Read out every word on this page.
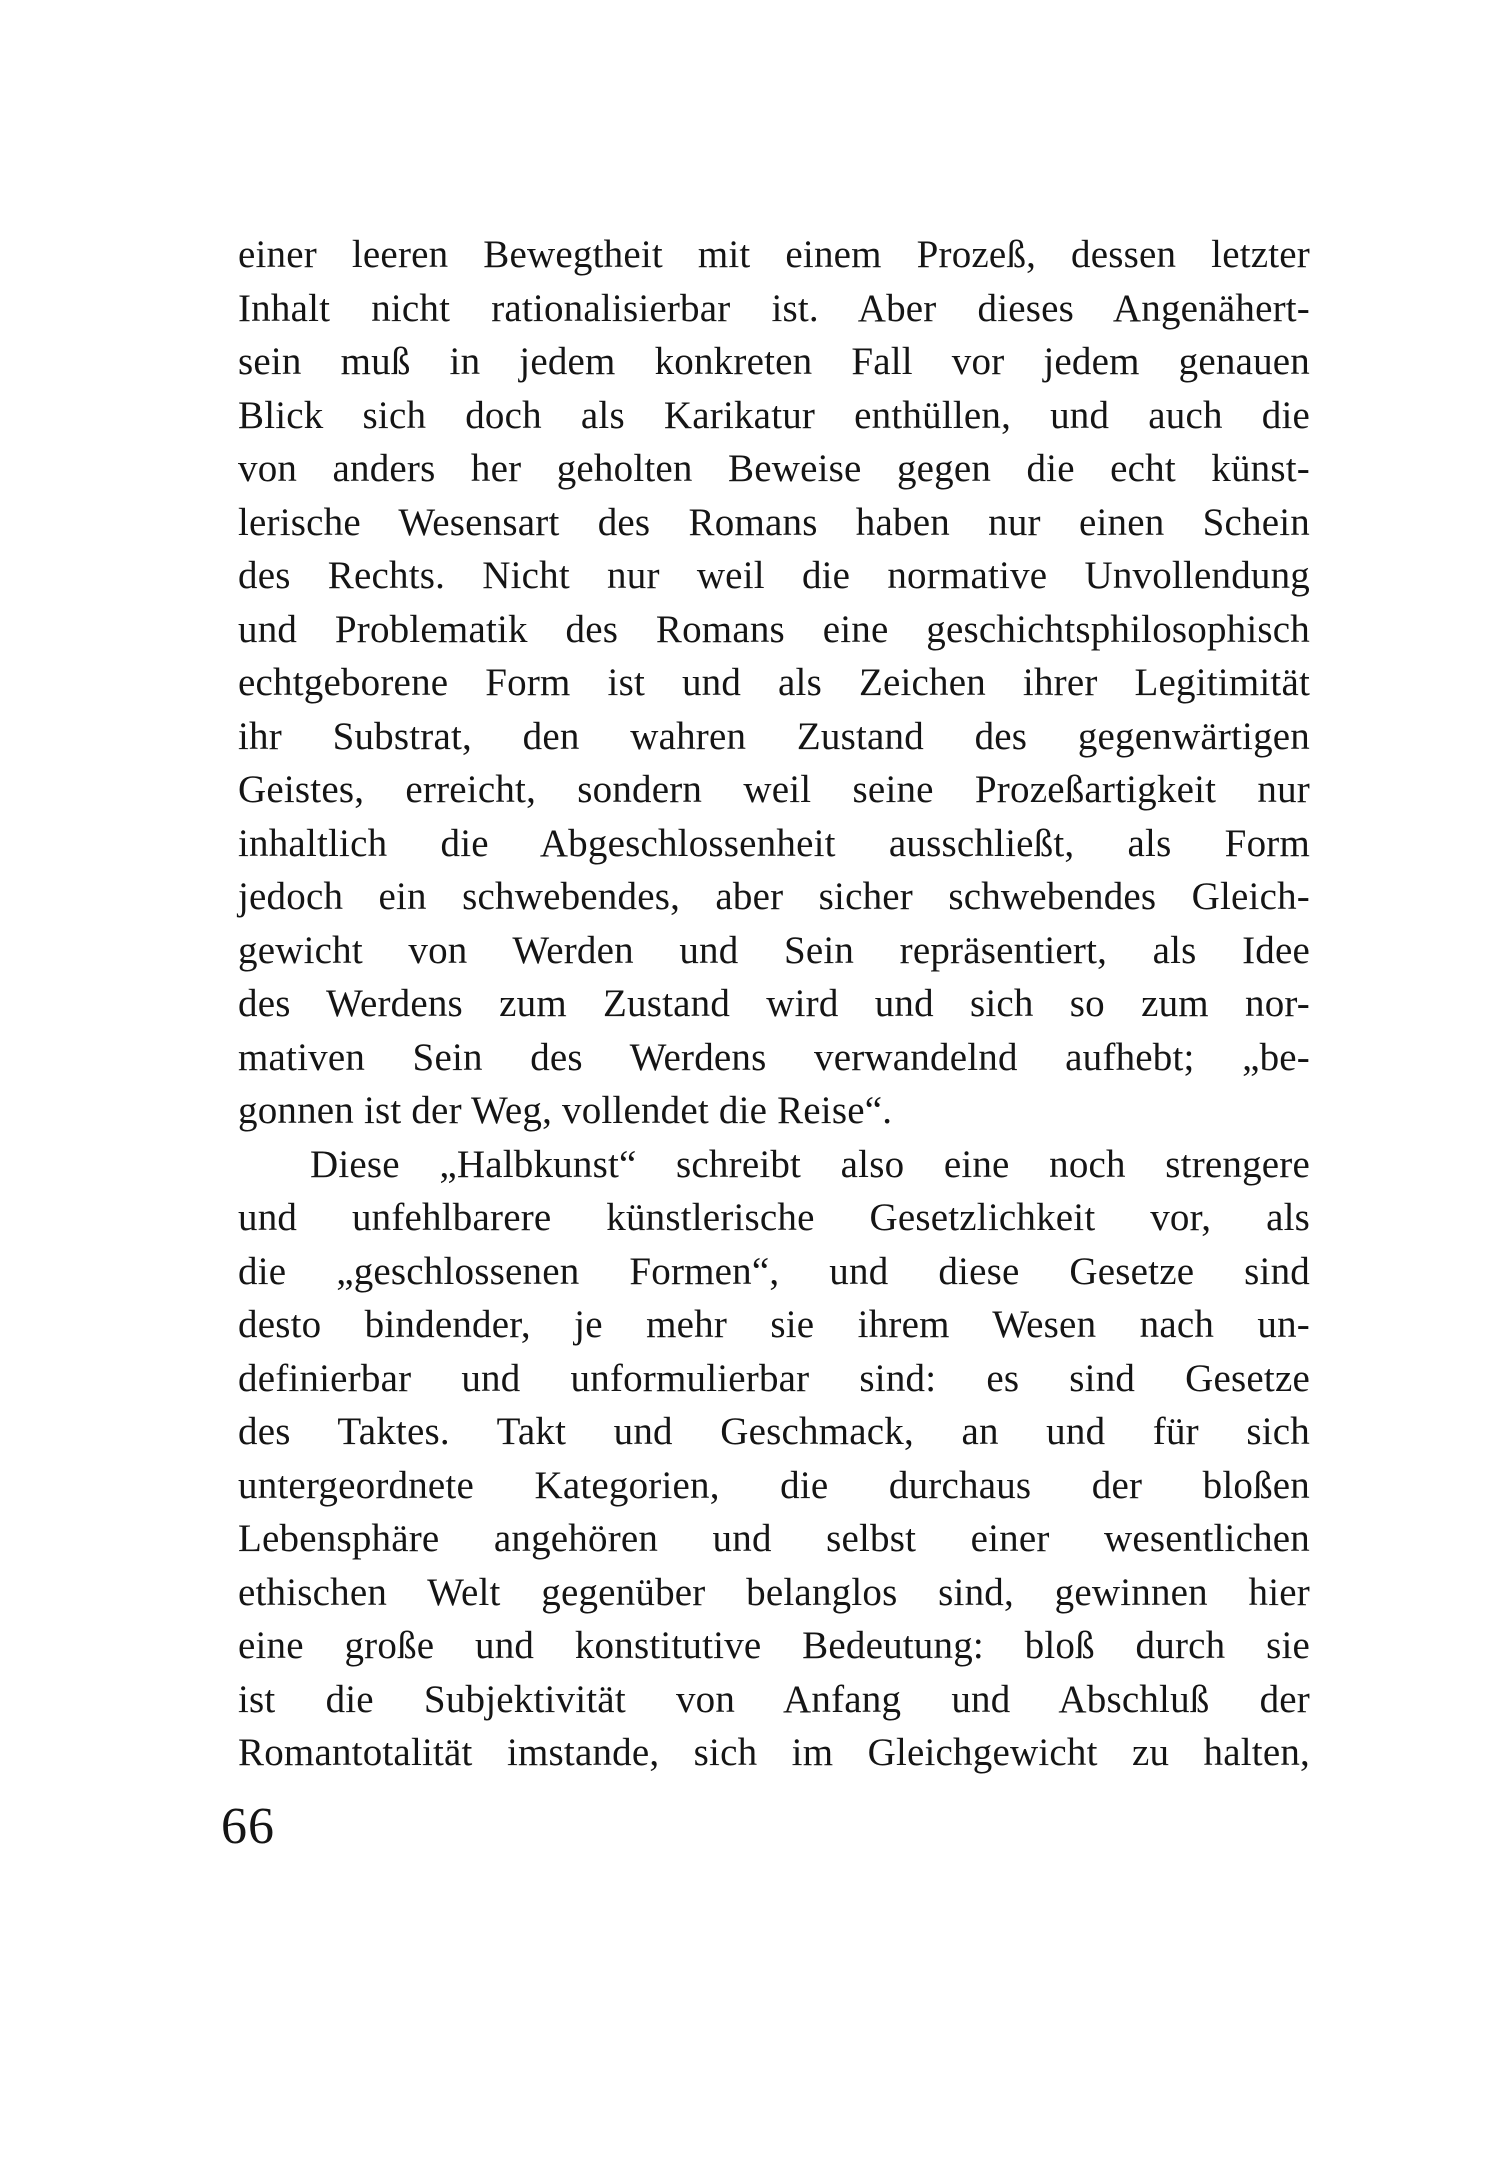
einer leeren Bewegtheit mit einem Prozeß, dessen letzter
Inhalt nicht rationalisierbar ist. Aber dieses Angenähert-
sein muß in jedem konkreten Fall vor jedem genauen
Blick sich doch als Karikatur enthüllen, und auch die
von anders her geholten Beweise gegen die echt künst-
lerische Wesensart des Romans haben nur einen Schein
des Rechts. Nicht nur weil die normative Unvollendung
und Problematik des Romans eine geschichtsphilosophisch
echtgeborene Form ist und als Zeichen ihrer Legitimität
ihr Substrat, den wahren Zustand des gegenwärtigen
Geistes, erreicht, sondern weil seine Prozeßartigkeit nur
inhaltlich die Abgeschlossenheit ausschließt, als Form
jedoch ein schwebendes, aber sicher schwebendes Gleich-
gewicht von Werden und Sein repräsentiert, als Idee
des Werdens zum Zustand wird und sich so zum nor-
mativen Sein des Werdens verwandelnd aufhebt; „be-
gonnen ist der Weg, vollendet die Reise“.
Diese „Halbkunst“ schreibt also eine noch strengere
und unfehlbarere künstlerische Gesetzlichkeit vor, als
die „geschlossenen Formen“, und diese Gesetze sind
desto bindender, je mehr sie ihrem Wesen nach un-
definierbar und unformulierbar sind: es sind Gesetze
des Taktes. Takt und Geschmack, an und für sich
untergeordnete Kategorien, die durchaus der bloßen
Lebensphäre angehören und selbst einer wesentlichen
ethischen Welt gegenüber belanglos sind, gewinnen hier
eine große und konstitutive Bedeutung: bloß durch sie
ist die Subjektivität von Anfang und Abschluß der
Romantotalität imstande, sich im Gleichgewicht zu halten,
66
